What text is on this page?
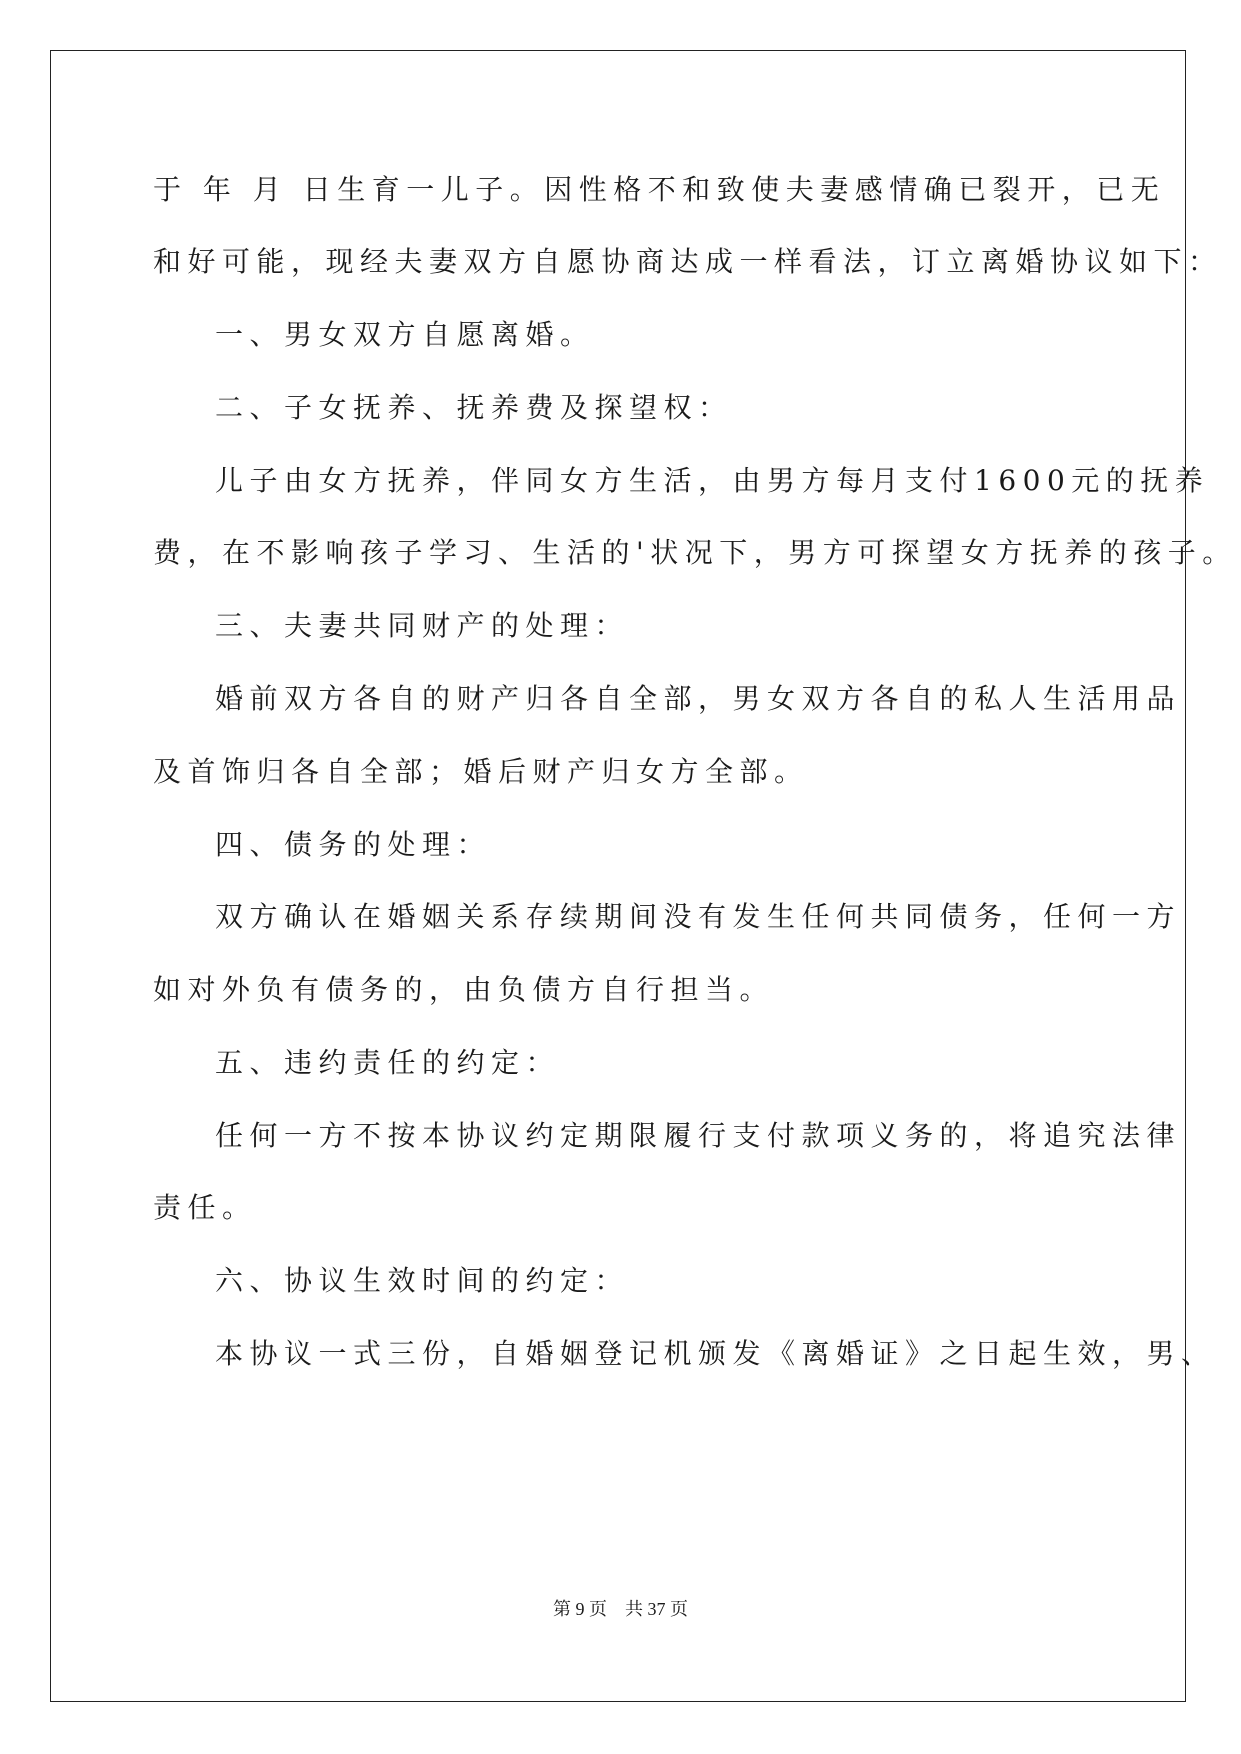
于 年 月 日生育一儿子。因性格不和致使夫妻感情确已裂开，已无
和好可能，现经夫妻双方自愿协商达成一样看法，订立离婚协议如下：
一、男女双方自愿离婚。
二、子女抚养、抚养费及探望权：
儿子由女方抚养，伴同女方生活，由男方每月支付1600元的抚养
费，在不影响孩子学习、生活的'状况下，男方可探望女方抚养的孩子。
三、夫妻共同财产的处理：
婚前双方各自的财产归各自全部，男女双方各自的私人生活用品
及首饰归各自全部；婚后财产归女方全部。
四、债务的处理：
双方确认在婚姻关系存续期间没有发生任何共同债务，任何一方
如对外负有债务的，由负债方自行担当。
五、违约责任的约定：
任何一方不按本协议约定期限履行支付款项义务的，将追究法律
责任。
六、协议生效时间的约定：
本协议一式三份，自婚姻登记机颁发《离婚证》之日起生效，男、
第 9 页　共 37 页
